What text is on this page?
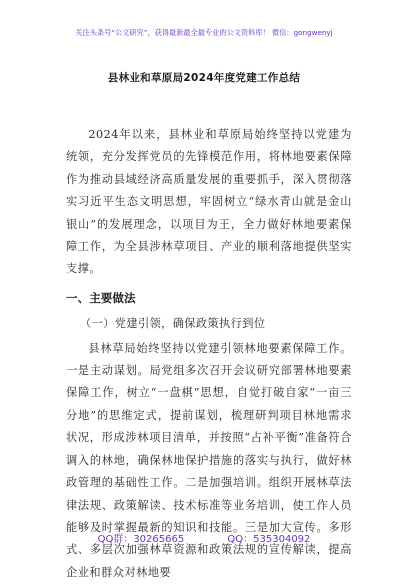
关注头条号“公文研究”，获得最新最全最专业的公文资料库！ 微信：gongwenyj
县林业和草原局2024年度党建工作总结

2024年以来，县林业和草原局始终坚持以党建为统领，充分发挥党员的先锋模范作用，将林地要素保障作为推动县域经济高质量发展的重要抓手，深入贯彻落实习近平生态文明思想，牢固树立“绿水青山就是金山银山”的发展理念，以项目为王，全力做好林地要素保障工作，为全县涉林草项目、产业的顺利落地提供坚实支撑。

一、主要做法
（一）党建引领，确保政策执行到位

县林草局始终坚持以党建引领林地要素保障工作。一是主动谋划。局党组多次召开会议研究部署林地要素保障工作，树立“一盘棋”思想，自觉打破自家“一亩三分地”的思维定式，提前谋划，梳理研判项目林地需求状况，形成涉林项目清单，并按照“占补平衡”准备符合调入的林地，确保林地保护措施的落实与执行，做好林政管理的基础性工作。二是加强培训。组织开展林草法律法规、政策解读、技术标准等业务培训，使工作人员能够及时掌握最新的知识和技能。三是加大宣传。多形式、多层次加强林草资源和政策法规的宣传解读，提高企业和群众对林地要

QQ群：30265665	QQ：535304092
